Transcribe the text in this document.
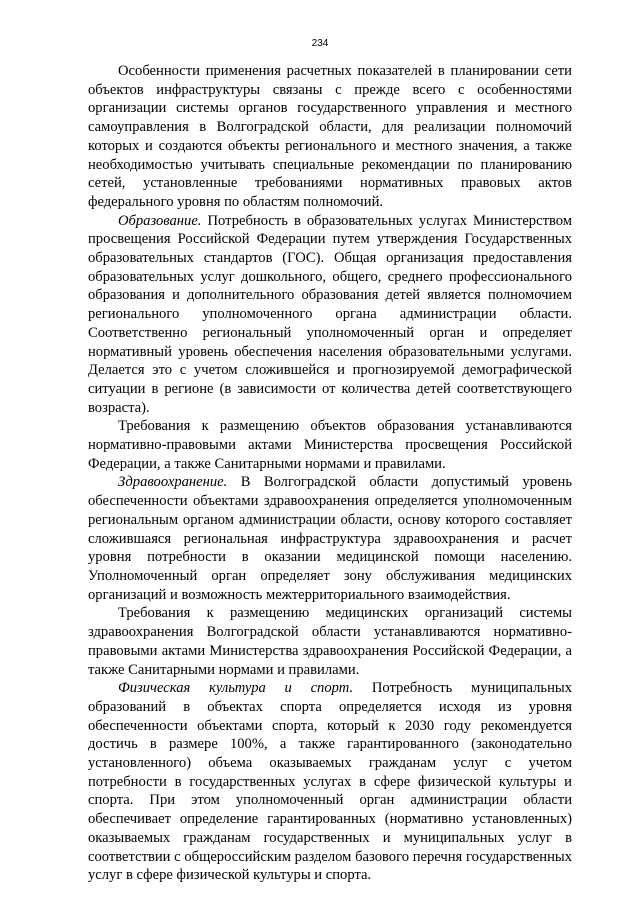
234

Особенности применения расчетных показателей в планировании сети объектов инфраструктуры связаны с прежде всего с особенностями организации системы органов государственного управления и местного самоуправления в Волгоградской области, для реализации полномочий которых и создаются объекты регионального и местного значения, а также необходимостью учитывать специальные рекомендации по планированию сетей, установленные требованиями нормативных правовых актов федерального уровня по областям полномочий.

Образование. Потребность в образовательных услугах Министерством просвещения Российской Федерации путем утверждения Государственных образовательных стандартов (ГОС). Общая организация предоставления образовательных услуг дошкольного, общего, среднего профессионального образования и дополнительного образования детей является полномочием регионального уполномоченного органа администрации области. Соответственно региональный уполномоченный орган и определяет нормативный уровень обеспечения населения образовательными услугами. Делается это с учетом сложившейся и прогнозируемой демографической ситуации в регионе (в зависимости от количества детей соответствующего возраста).

Требования к размещению объектов образования устанавливаются нормативно-правовыми актами Министерства просвещения Российской Федерации, а также Санитарными нормами и правилами.

Здравоохранение. В Волгоградской области допустимый уровень обеспеченности объектами здравоохранения определяется уполномоченным региональным органом администрации области, основу которого составляет сложившаяся региональная инфраструктура здравоохранения и расчет уровня потребности в оказании медицинской помощи населению. Уполномоченный орган определяет зону обслуживания медицинских организаций и возможность межтерриториального взаимодействия.

Требования к размещению медицинских организаций системы здравоохранения Волгоградской области устанавливаются нормативно-правовыми актами Министерства здравоохранения Российской Федерации, а также Санитарными нормами и правилами.

Физическая культура и спорт. Потребность муниципальных образований в объектах спорта определяется исходя из уровня обеспеченности объектами спорта, который к 2030 году рекомендуется достичь в размере 100%, а также гарантированного (законодательно установленного) объема оказываемых гражданам услуг с учетом потребности в государственных услугах в сфере физической культуры и спорта. При этом уполномоченный орган администрации области обеспечивает определение гарантированных (нормативно установленных) оказываемых гражданам государственных и муниципальных услуг в соответствии с общероссийским разделом базового перечня государственных услуг в сфере физической культуры и спорта.
